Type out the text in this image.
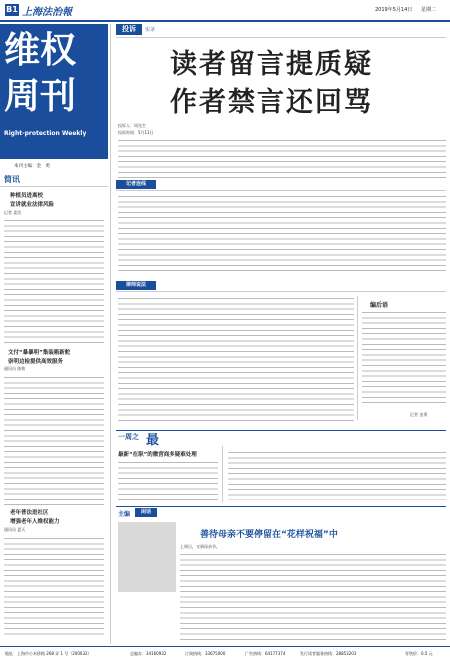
B1 上海法治報	2019年5月14日 星期二
维权
周刊
Right-protection Weekly
本刊主编：金　勇
简讯
种植员进离校
宣讲就业法律风险
记者 姜浩
文付“暴暴明”集装箱新舵
崇明边检提供高效服务
通讯员 陈敏
老年普法进社区
增强老年人维权能力
通讯员 夏天
投诉	实录
读者留言提质疑
作者禁言还回骂
投诉人：周先生
投诉时间：5月11日
记者连线
律师说法
编后语
记者 金勇
一周之 最
最新“在职”的微营商多疑难处理
主编	闲话
善待母亲不要停留在“花样祝福”中
上周日，又到母亲节。
地址：上海市小木桥路 268 弄 1 号（200032）	总编办：34160932	订阅热线：33675000	广告热线：64177374	发行读者服务热线：28853203	零售价：0.5 元
